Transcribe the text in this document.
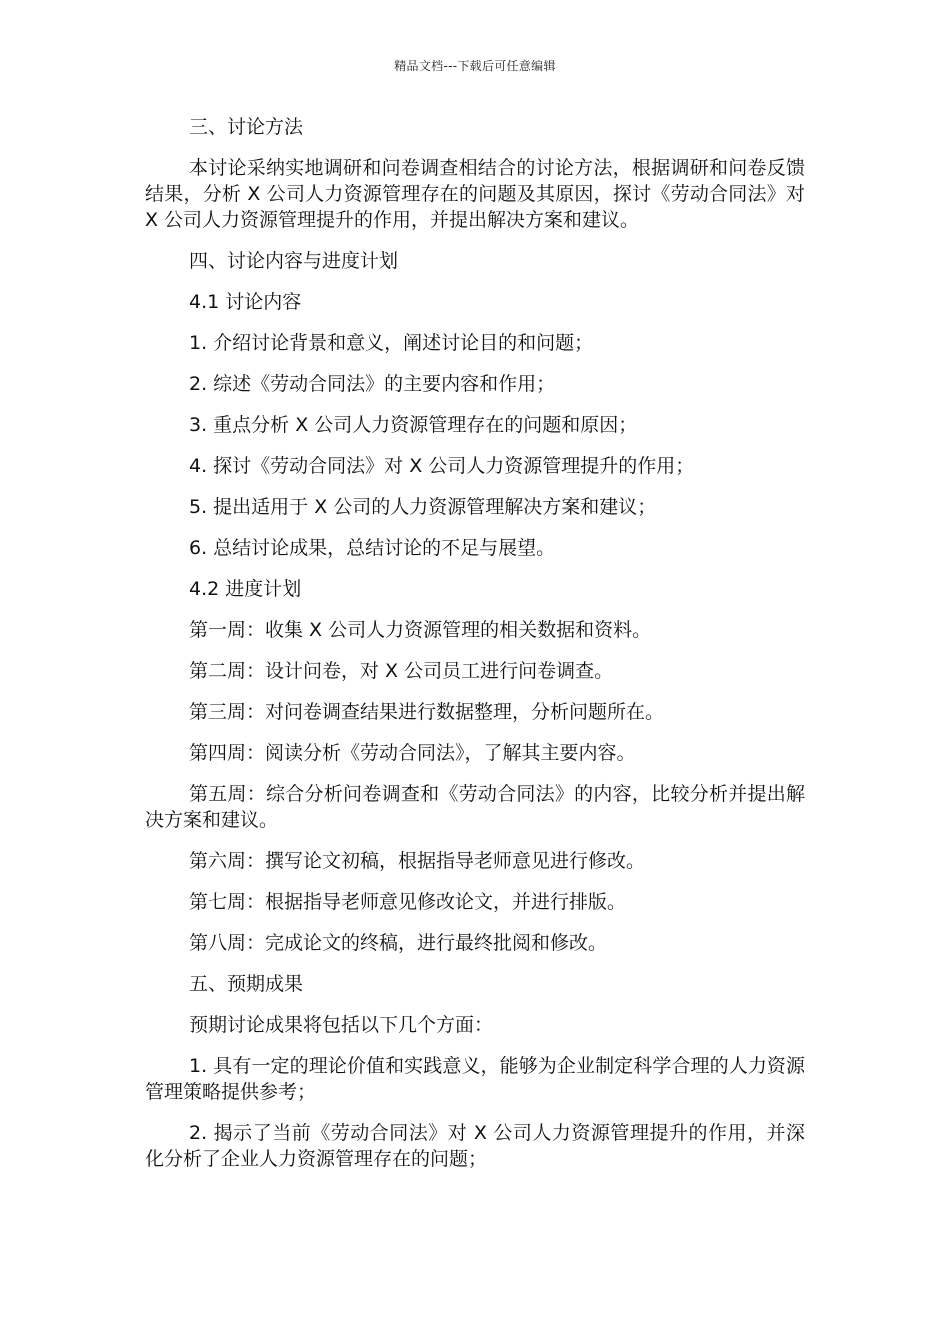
精品文档---下载后可任意编辑

三、讨论方法

本讨论采纳实地调研和问卷调查相结合的讨论方法，根据调研和问卷反馈结果，分析 X 公司人力资源管理存在的问题及其原因，探讨《劳动合同法》对 X 公司人力资源管理提升的作用，并提出解决方案和建议。

四、讨论内容与进度计划

4.1 讨论内容

1. 介绍讨论背景和意义，阐述讨论目的和问题；

2. 综述《劳动合同法》的主要内容和作用；

3. 重点分析 X 公司人力资源管理存在的问题和原因；

4. 探讨《劳动合同法》对 X 公司人力资源管理提升的作用；

5. 提出适用于 X 公司的人力资源管理解决方案和建议；

6. 总结讨论成果，总结讨论的不足与展望。

4.2 进度计划

第一周：收集 X 公司人力资源管理的相关数据和资料。

第二周：设计问卷，对 X 公司员工进行问卷调查。

第三周：对问卷调查结果进行数据整理，分析问题所在。

第四周：阅读分析《劳动合同法》，了解其主要内容。

第五周：综合分析问卷调查和《劳动合同法》的内容，比较分析并提出解决方案和建议。

第六周：撰写论文初稿，根据指导老师意见进行修改。

第七周：根据指导老师意见修改论文，并进行排版。

第八周：完成论文的终稿，进行最终批阅和修改。

五、预期成果

预期讨论成果将包括以下几个方面：

1. 具有一定的理论价值和实践意义，能够为企业制定科学合理的人力资源管理策略提供参考；

2. 揭示了当前《劳动合同法》对 X 公司人力资源管理提升的作用，并深化分析了企业人力资源管理存在的问题；
